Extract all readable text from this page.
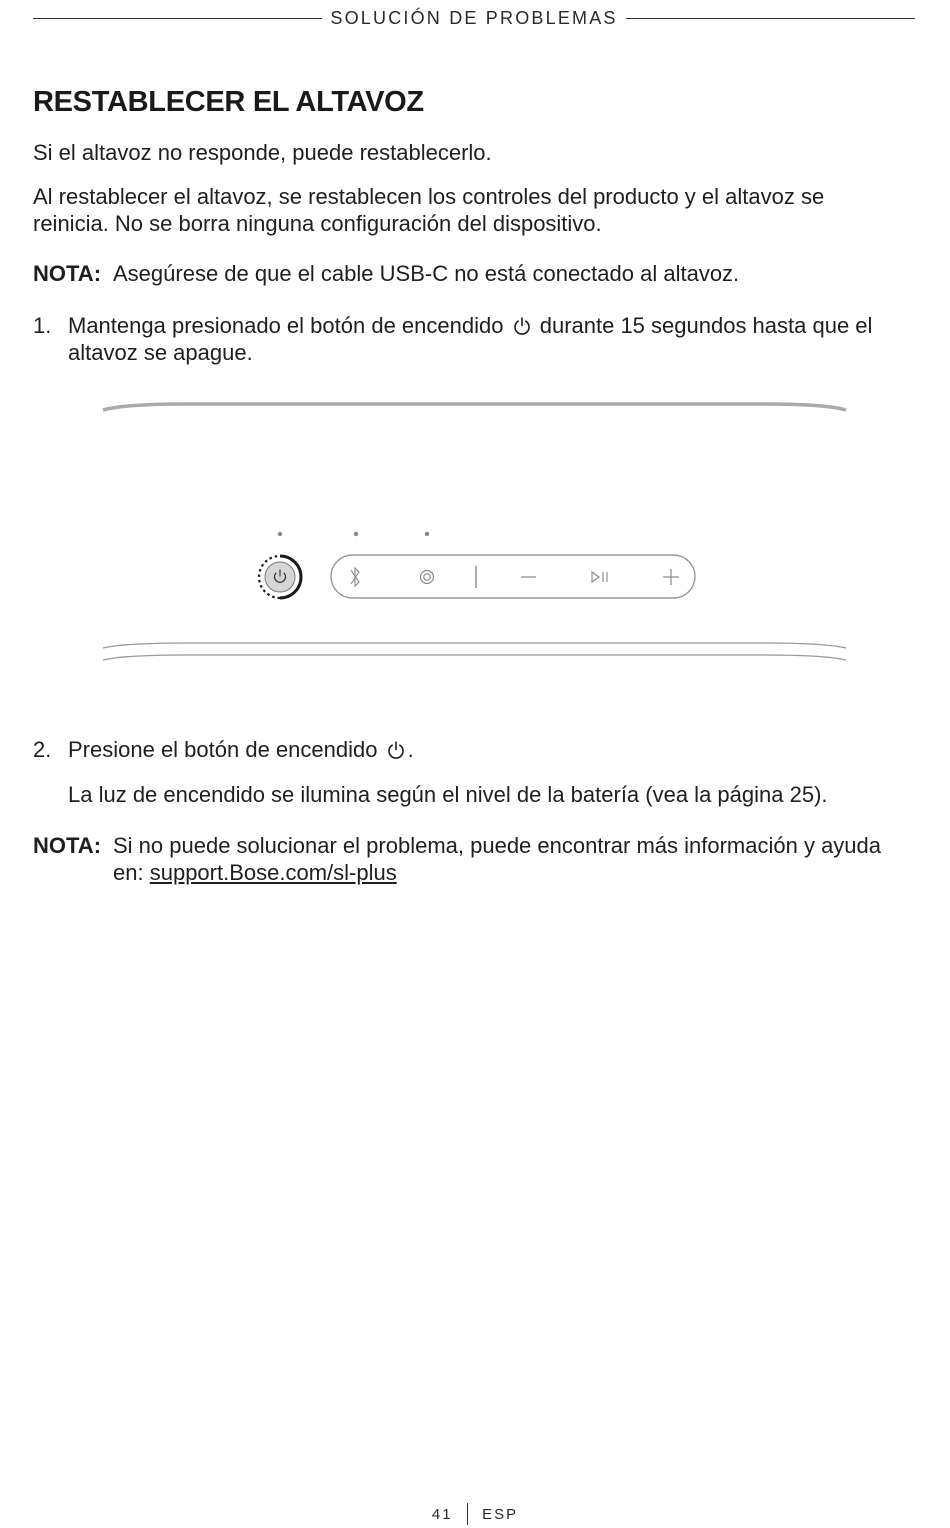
SOLUCIÓN DE PROBLEMAS
RESTABLECER EL ALTAVOZ

Si el altavoz no responde, puede restablecerlo.

Al restablecer el altavoz, se restablecen los controles del producto y el altavoz se reinicia. No se borra ninguna configuración del dispositivo.

NOTA: Asegúrese de que el cable USB-C no está conectado al altavoz.
1. Mantenga presionado el botón de encendido durante 15 segundos hasta que el altavoz se apague.
2. Presione el botón de encendido .

La luz de encendido se ilumina según el nivel de la batería (vea la página 25).

NOTA: Si no puede solucionar el problema, puede encontrar más información y ayuda en: support.Bose.com/sl-plus
41 ESP
